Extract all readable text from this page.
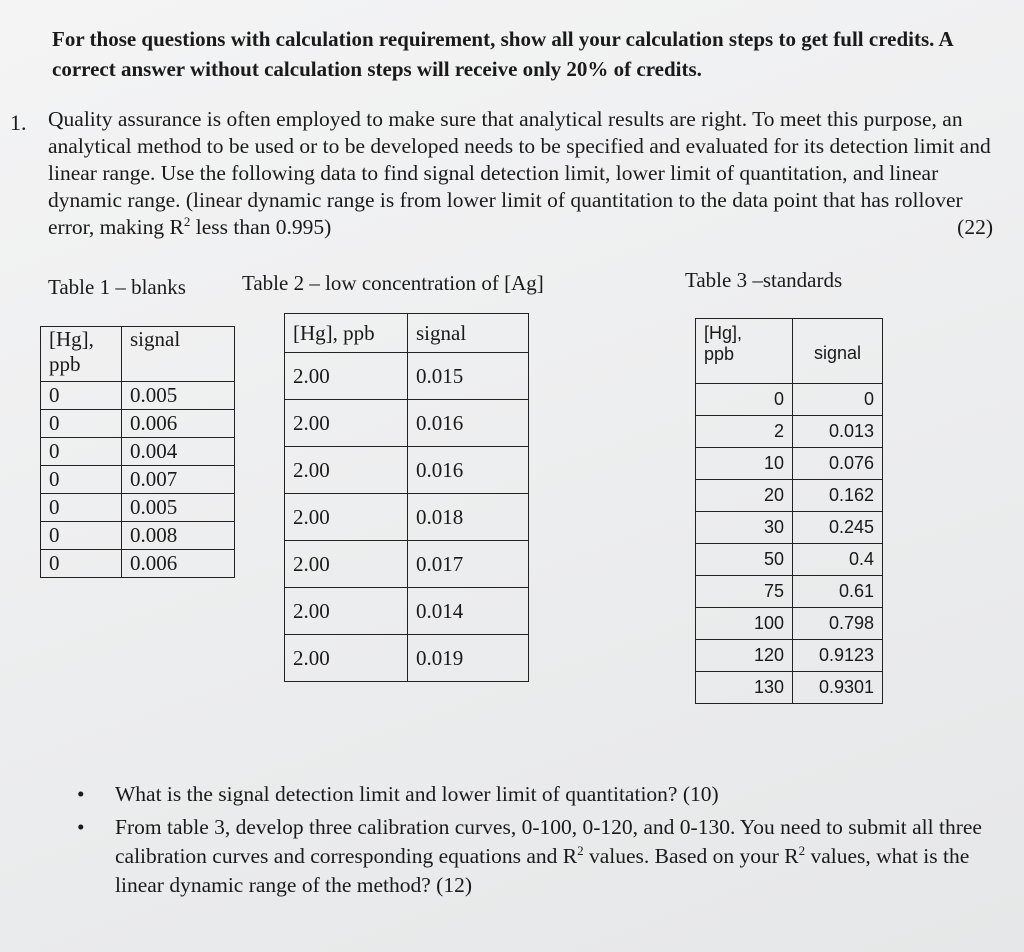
For those questions with calculation requirement, show all your calculation steps to get full credits. A correct answer without calculation steps will receive only 20% of credits.
1. Quality assurance is often employed to make sure that analytical results are right. To meet this purpose, an analytical method to be used or to be developed needs to be specified and evaluated for its detection limit and linear range. Use the following data to find signal detection limit, lower limit of quantitation, and linear dynamic range. (linear dynamic range is from lower limit of quantitation to the data point that has rollover error, making $R^2$ less than 0.995)	(22)
Table 1 – blanks	Table 2 – low concentration of [Ag]	Table 3 –standards
[Hg], ppb	signal
0	0.005
0	0.006
0	0.004
0	0.007
0	0.005
0	0.008
0	0.006
[Hg], ppb	signal
2.00	0.015
2.00	0.016
2.00	0.016
2.00	0.018
2.00	0.017
2.00	0.014
2.00	0.019
[Hg],
ppb	signal
0	0
2	0.013
10	0.076
20	0.162
30	0.245
50	0.4
75	0.61
100	0.798
120	0.9123
130	0.9301
• What is the signal detection limit and lower limit of quantitation? (10)
• From table 3, develop three calibration curves, 0-100, 0-120, and 0-130. You need to submit all three calibration curves and corresponding equations and $R^2$ values. Based on your $R^2$ values, what is the linear dynamic range of the method? (12)
